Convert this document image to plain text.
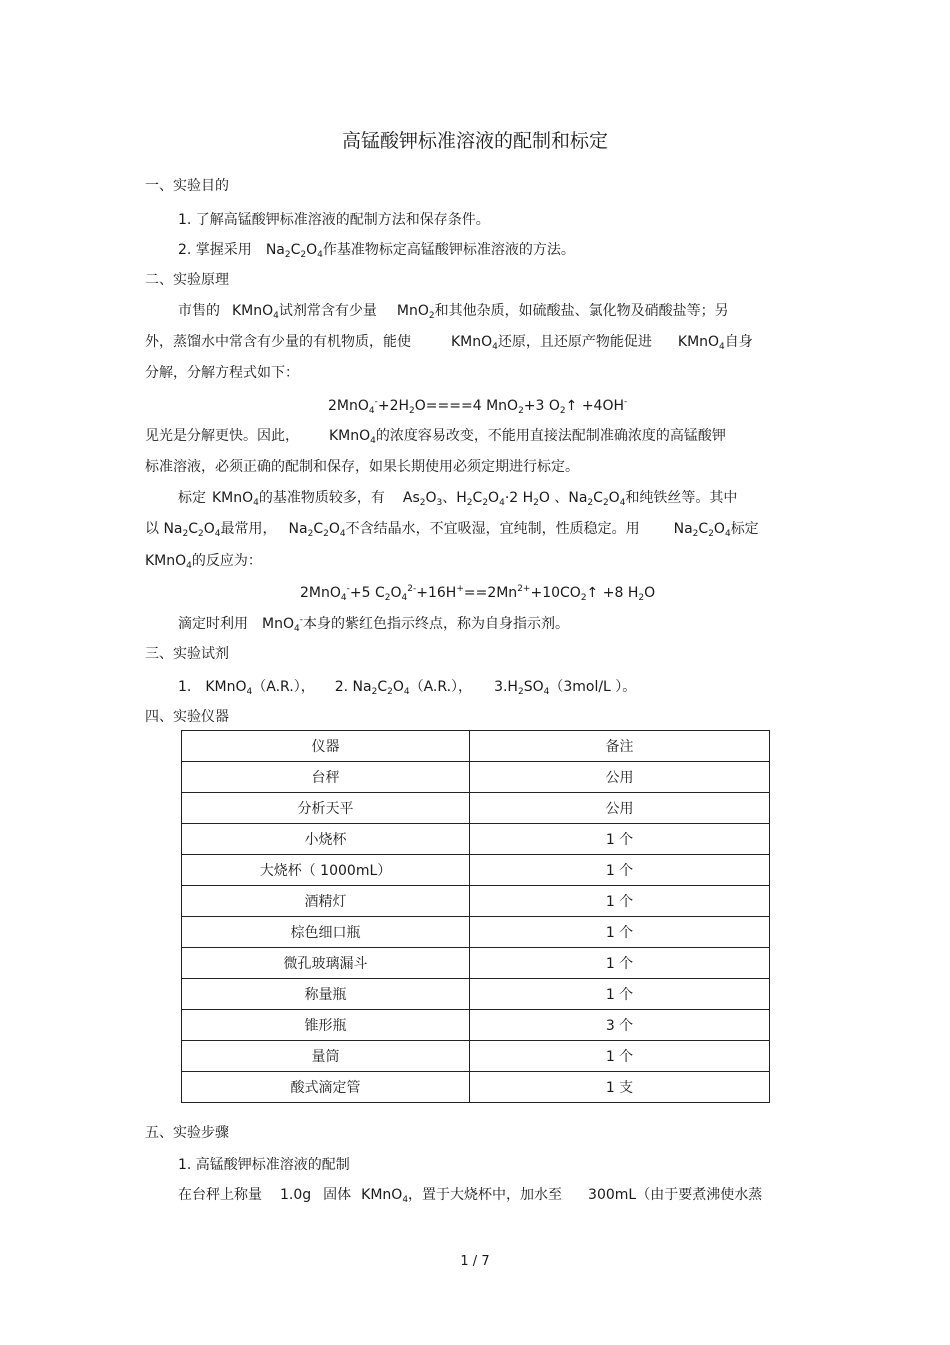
高锰酸钾标准溶液的配制和标定
一、实验目的
1. 了解高锰酸钾标准溶液的配制方法和保存条件。
2. 掌握采用 $Na_2C_2O_4$作基准物标定高锰酸钾标准溶液的方法。
二、实验原理
市售的 KMnO$_4$试剂常含有少量 MnO$_2$和其他杂质，如硫酸盐、氯化物及硝酸盐等；另
外，蒸馏水中常含有少量的有机物质，能使	KMnO$_4$还原，且还原产物能促进 KMnO$_4$自身
分解，分解方程式如下：
$2MnO_4^-+2H_2O====4$ MnO$_2$+3 $O_2↑ +4OH^-$
见光是分解更快。因此， KMnO$_4$的浓度容易改变，不能用直接法配制准确浓度的高锰酸钾
标准溶液，必须正确的配制和保存，如果长期使用必须定期进行标定。
标定 KMnO$_4$的基准物质较多，有 $As_2O_3$、$H_2C_2O_4\cdot 2$ $H_2O$ 、$Na_2C_2O_4$和纯铁丝等。其中
以 $Na_2C_2O_4$最常用， $Na_2C_2O_4$不含结晶水，不宜吸湿，宜纯制，性质稳定。用 $Na_2C_2O_4$标定
KMnO$_4$的反应为：
2MnO$_4$-+5 $C_2O_4^{2-}+16H^+==2Mn^{2+}+10CO_2↑ +8$ $H_2O$
滴定时利用 MnO$_4$-本身的紫红色指示终点，称为自身指示剂。
三、实验试剂
1. KMnO$_4$（A.R.）， 2. $Na_2C_2O_4(A.R.)$， $3.H_2SO_4(3mol/L$ ）。
四、实验仪器
仪器	备注
台秤	公用
分析天平	公用
小烧杯	1 个
大烧杯（ 1000mL）	1 个
酒精灯	1 个
棕色细口瓶	1 个
微孔玻璃漏斗	1 个
称量瓶	1 个
锥形瓶	3 个
量筒	1 个
酸式滴定管	1 支
五、实验步骤
1. 高锰酸钾标准溶液的配制
在台秤上称量 1.0g 固体 KMnO$_4$，置于大烧杯中，加水至 300mL（由于要煮沸使水蒸
1 / 7
